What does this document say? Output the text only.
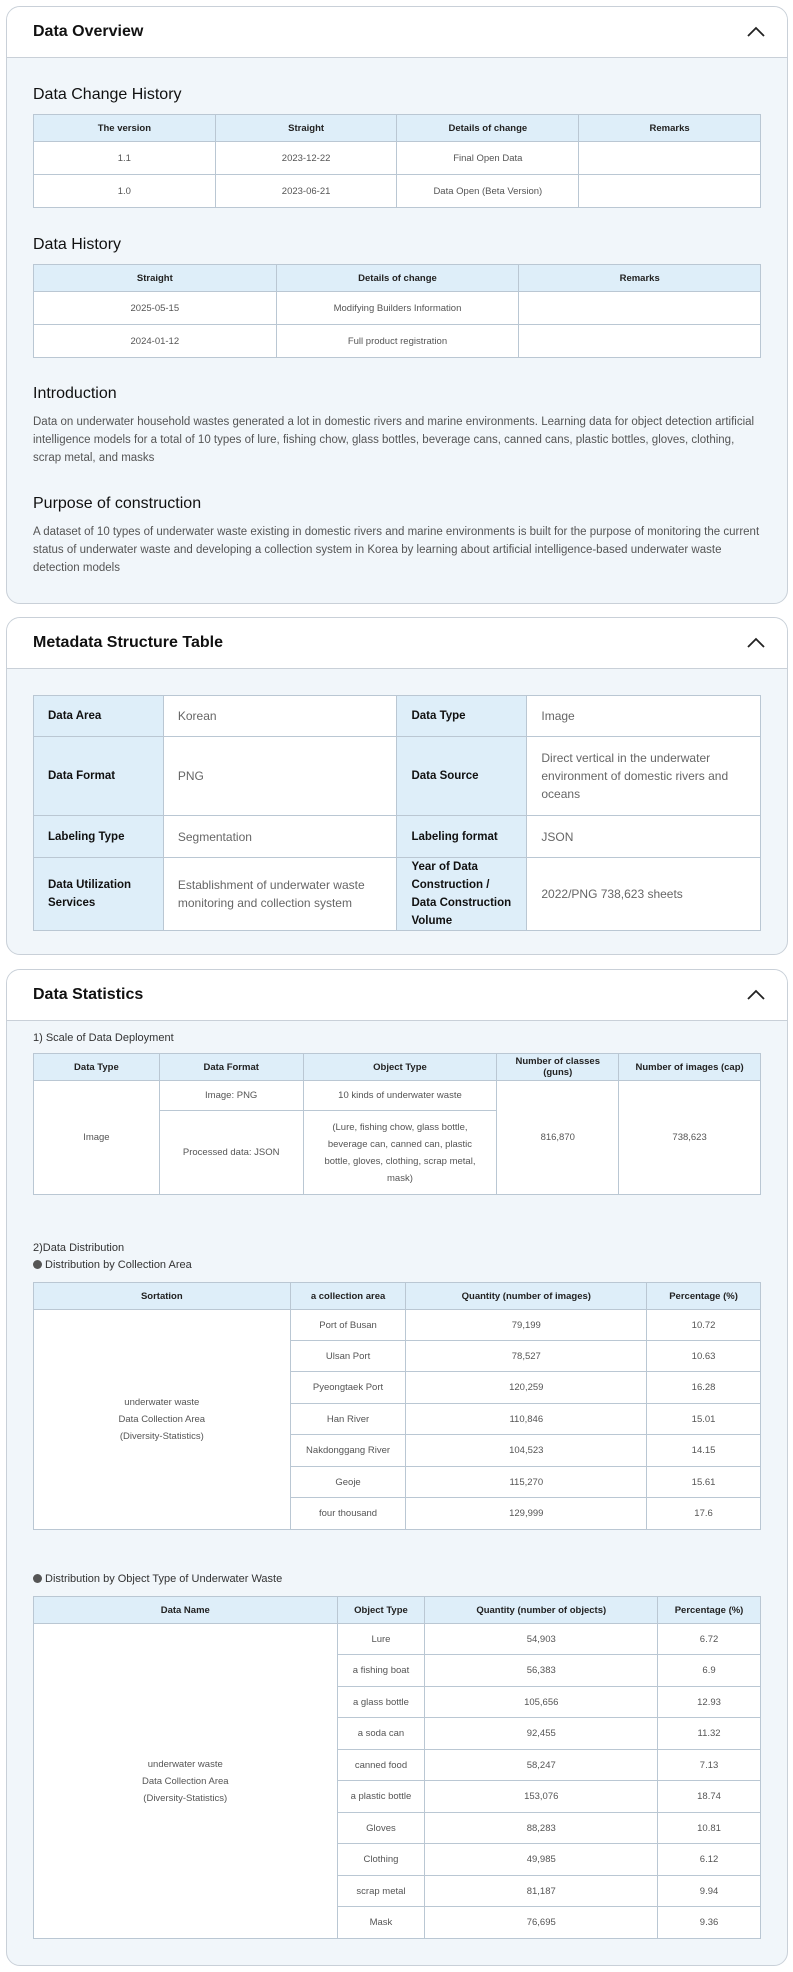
Data Overview
Data Change History
The version	Straight	Details of change	Remarks
1.1	2023-12-22	Final Open Data	
1.0	2023-06-21	Data Open (Beta Version)	
Data History
Straight	Details of change	Remarks
2025-05-15	Modifying Builders Information	
2024-01-12	Full product registration	
Introduction

Data on underwater household wastes generated a lot in domestic rivers and marine environments. Learning data for object detection artificial intelligence models for a total of 10 types of lure, fishing chow, glass bottles, beverage cans, canned cans, plastic bottles, gloves, clothing, scrap metal, and masks

Purpose of construction

A dataset of 10 types of underwater waste existing in domestic rivers and marine environments is built for the purpose of monitoring the current status of underwater waste and developing a collection system in Korea by learning about artificial intelligence-based underwater waste detection models

Metadata Structure Table
Data Area	Korean	Data Type	Image
Data Format	PNG	Data Source	Direct vertical in the underwater environment of domestic rivers and oceans
Labeling Type	Segmentation	Labeling format	JSON
Data Utilization Services	Establishment of underwater waste monitoring and collection system	Year of Data Construction / Data Construction Volume	2022/PNG 738,623 sheets
Data Statistics
1) Scale of Data Deployment
Data Type	Data Format	Object Type	Number of classes (guns)	Number of images (cap)
Image	Image: PNG	10 kinds of underwater waste	816,870	738,623
	Processed data: JSON	(Lure, fishing chow, glass bottle, beverage can, canned can, plastic bottle, gloves, clothing, scrap metal, mask)		
2)Data Distribution
Distribution by Collection Area
Sortation	a collection area	Quantity (number of images)	Percentage (%)

underwater waste
Data Collection Area
(Diversity-Statistics)	Port of Busan	79,199	10.72
	Ulsan Port	78,527	10.63
	Pyeongtaek Port	120,259	16.28
	Han River	110,846	15.01
	Nakdonggang River	104,523	14.15
	Geoje	115,270	15.61
	four thousand	129,999	17.6
Distribution by Object Type of Underwater Waste
Data Name	Object Type	Quantity (number of objects)	Percentage (%)

underwater waste
Data Collection Area
(Diversity-Statistics)	Lure	54,903	6.72
	a fishing boat	56,383	6.9
	a glass bottle	105,656	12.93
	a soda can	92,455	11.32
	canned food	58,247	7.13
	a plastic bottle	153,076	18.74
	Gloves	88,283	10.81
	Clothing	49,985	6.12
	scrap metal	81,187	9.94
	Mask	76,695	9.36
